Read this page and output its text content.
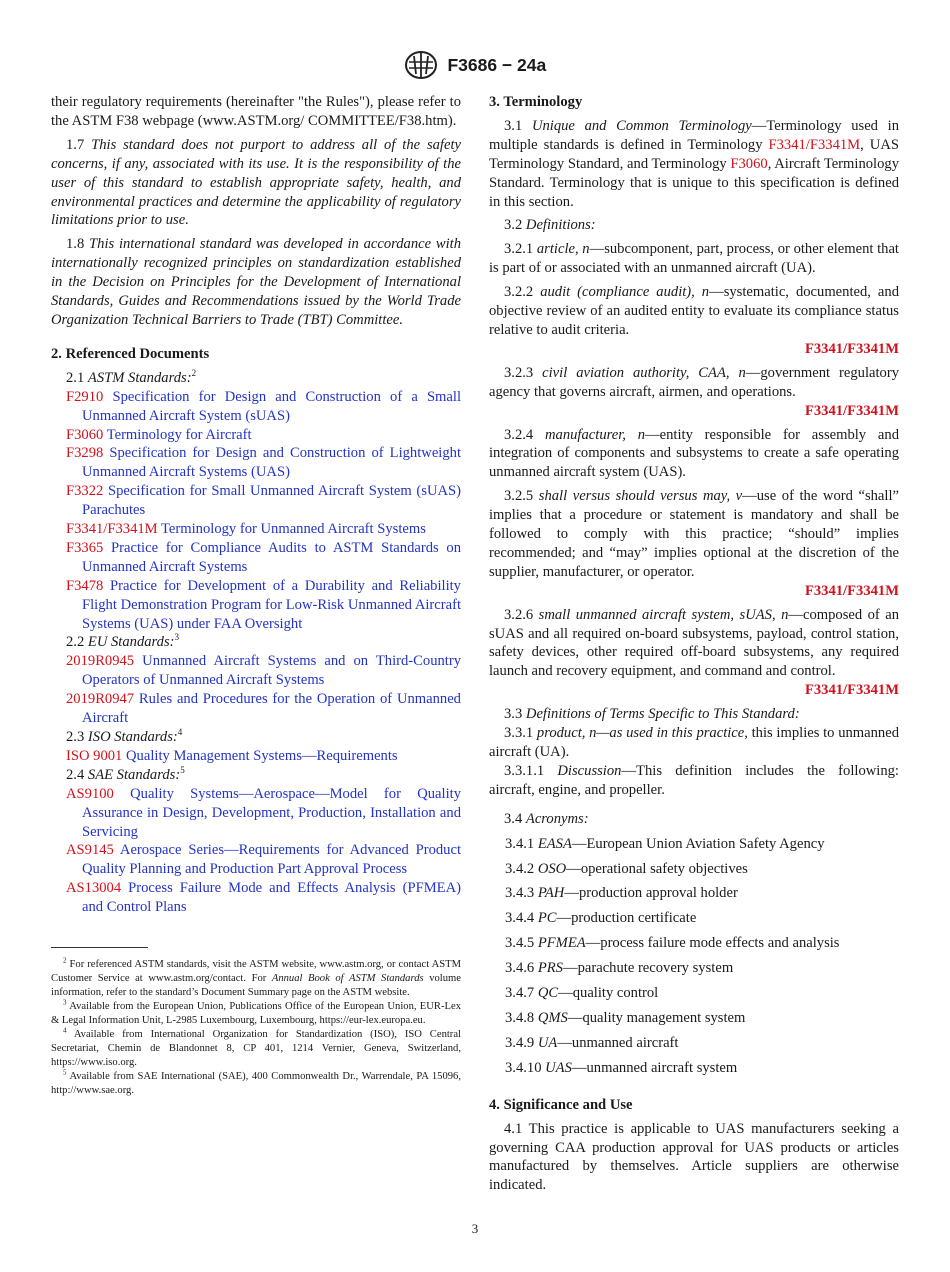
F3686 − 24a

their regulatory requirements (hereinafter "the Rules"), please refer to the ASTM F38 webpage (www.ASTM.org/ COMMITTEE/F38.htm).

1.7 This standard does not purport to address all of the safety concerns, if any, associated with its use. It is the responsibility of the user of this standard to establish appropriate safety, health, and environmental practices and determine the applicability of regulatory limitations prior to use.

1.8 This international standard was developed in accordance with internationally recognized principles on standardization established in the Decision on Principles for the Development of International Standards, Guides and Recommendations issued by the World Trade Organization Technical Barriers to Trade (TBT) Committee.

2. Referenced Documents

2.1 ASTM Standards:$^2$

F2910 Specification for Design and Construction of a Small Unmanned Aircraft System (sUAS)

F3060 Terminology for Aircraft

F3298 Specification for Design and Construction of Lightweight Unmanned Aircraft Systems (UAS)

F3322 Specification for Small Unmanned Aircraft System (sUAS) Parachutes

F3341/F3341M Terminology for Unmanned Aircraft Systems

F3365 Practice for Compliance Audits to ASTM Standards on Unmanned Aircraft Systems

F3478 Practice for Development of a Durability and Reliability Flight Demonstration Program for Low-Risk Unmanned Aircraft Systems (UAS) under FAA Oversight

2.2 EU Standards:$^3$

2019R0945 Unmanned Aircraft Systems and on Third-Country Operators of Unmanned Aircraft Systems

2019R0947 Rules and Procedures for the Operation of Unmanned Aircraft

2.3 ISO Standards:$^4$

ISO 9001 Quality Management Systems—Requirements

2.4 SAE Standards:$^5$

AS9100 Quality Systems—Aerospace—Model for Quality Assurance in Design, Development, Production, Installation and Servicing

AS9145 Aerospace Series—Requirements for Advanced Product Quality Planning and Production Part Approval Process

AS13004 Process Failure Mode and Effects Analysis (PFMEA) and Control Plans

$^2$ For referenced ASTM standards, visit the ASTM website, www.astm.org, or contact ASTM Customer Service at www.astm.org/contact. For Annual Book of ASTM Standards volume information, refer to the standard’s Document Summary page on the ASTM website.

$^3$ Available from the European Union, Publications Office of the European Union, EUR-Lex & Legal Information Unit, L-2985 Luxembourg, Luxembourg, https://eur-lex.europa.eu.

$^4$ Available from International Organization for Standardization (ISO), ISO Central Secretariat, Chemin de Blandonnet 8, CP 401, 1214 Vernier, Geneva, Switzerland, https://www.iso.org.

$^5$ Available from SAE International (SAE), 400 Commonwealth Dr., Warrendale, PA 15096, http://www.sae.org.

3. Terminology

3.1 Unique and Common Terminology—Terminology used in multiple standards is defined in Terminology F3341/F3341M, UAS Terminology Standard, and Terminology F3060, Aircraft Terminology Standard. Terminology that is unique to this specification is defined in this section.

3.2 Definitions:

3.2.1 article, n—subcomponent, part, process, or other element that is part of or associated with an unmanned aircraft (UA).

3.2.2 audit (compliance audit), n—systematic, documented, and objective review of an audited entity to evaluate its compliance status relative to audit criteria.
F3341/F3341M

3.2.3 civil aviation authority, CAA, n—government regulatory agency that governs aircraft, airmen, and operations.
F3341/F3341M

3.2.4 manufacturer, n—entity responsible for assembly and integration of components and subsystems to create a safe operating unmanned aircraft system (UAS).

3.2.5 shall versus should versus may, v—use of the word “shall” implies that a procedure or statement is mandatory and shall be followed to comply with this practice; “should” implies recommended; and “may” implies optional at the discretion of the supplier, manufacturer, or operator.
F3341/F3341M

3.2.6 small unmanned aircraft system, sUAS, n—composed of an sUAS and all required on-board subsystems, payload, control station, safety devices, other required off-board subsystems, any required launch and recovery equipment, and command and control.
F3341/F3341M

3.3 Definitions of Terms Specific to This Standard:

3.3.1 product, n—as used in this practice, this implies to unmanned aircraft (UA).

3.3.1.1 Discussion—This definition includes the following: aircraft, engine, and propeller.

3.4 Acronyms:

3.4.1 EASA—European Union Aviation Safety Agency

3.4.2 OSO—operational safety objectives

3.4.3 PAH—production approval holder

3.4.4 PC—production certificate

3.4.5 PFMEA—process failure mode effects and analysis

3.4.6 PRS—parachute recovery system

3.4.7 QC—quality control

3.4.8 QMS—quality management system

3.4.9 UA—unmanned aircraft

3.4.10 UAS—unmanned aircraft system

4. Significance and Use

4.1 This practice is applicable to UAS manufacturers seeking a governing CAA production approval for UAS products or articles manufactured by themselves. Article suppliers are otherwise indicated.

3
